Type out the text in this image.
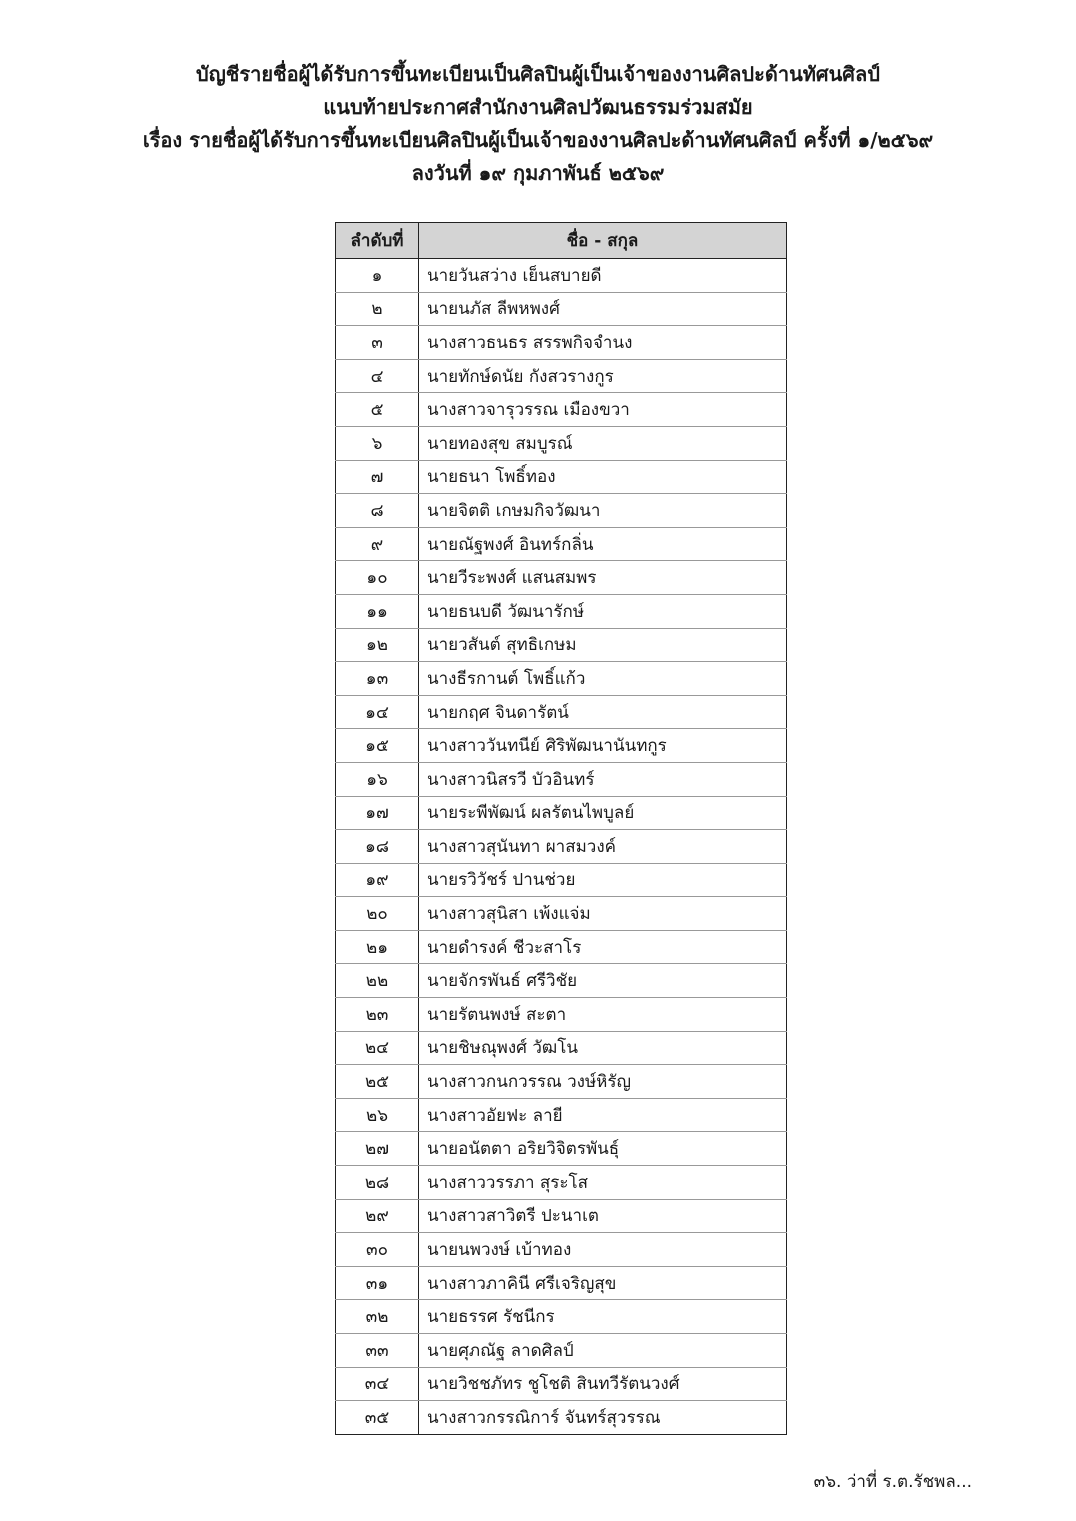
บัญชีรายชื่อผู้ได้รับการขึ้นทะเบียนเป็นศิลปินผู้เป็นเจ้าของงานศิลปะด้านทัศนศิลป์
แนบท้ายประกาศสำนักงานศิลปวัฒนธรรมร่วมสมัย
เรื่อง รายชื่อผู้ได้รับการขึ้นทะเบียนศิลปินผู้เป็นเจ้าของงานศิลปะด้านทัศนศิลป์ ครั้งที่ ๑/๒๕๖๙
ลงวันที่ ๑๙ กุมภาพันธ์ ๒๕๖๙
ลำดับที่	ชื่อ - สกุล
๑	นายวันสว่าง เย็นสบายดี
๒	นายนภัส ลีพหพงศ์
๓	นางสาวธนธร สรรพกิจจำนง
๔	นายทักษ์ดนัย กังสวรางกูร
๕	นางสาวจารุวรรณ เมืองขวา
๖	นายทองสุข สมบูรณ์
๗	นายธนา โพธิ์ทอง
๘	นายจิตติ เกษมกิจวัฒนา
๙	นายณัฐพงศ์ อินทร์กลิ่น
๑๐	นายวีระพงศ์ แสนสมพร
๑๑	นายธนบดี วัฒนารักษ์
๑๒	นายวสันต์ สุทธิเกษม
๑๓	นางธีรกานต์ โพธิ์แก้ว
๑๔	นายกฤศ จินดารัตน์
๑๕	นางสาววันทนีย์ ศิริพัฒนานันทกูร
๑๖	นางสาวนิสรวี บัวอินทร์
๑๗	นายระพีพัฒน์ ผลรัตนไพบูลย์
๑๘	นางสาวสุนันทา ผาสมวงค์
๑๙	นายรวิวัชร์ ปานช่วย
๒๐	นางสาวสุนิสา เพ้งแจ่ม
๒๑	นายดำรงค์ ชีวะสาโร
๒๒	นายจักรพันธ์ ศรีวิชัย
๒๓	นายรัตนพงษ์ สะตา
๒๔	นายชิษณุพงศ์ วัฒโน
๒๕	นางสาวกนกวรรณ วงษ์หิรัญ
๒๖	นางสาวอัยฟะ ลายี
๒๗	นายอนัตตา อริยวิจิตรพันธุ์
๒๘	นางสาววรรภา สุระโส
๒๙	นางสาวสาวิตรี ปะนาเต
๓๐	นายนพวงษ์ เบ้าทอง
๓๑	นางสาวภาคินี ศรีเจริญสุข
๓๒	นายธรรศ รัชนีกร
๓๓	นายศุภณัฐ ลาดศิลป์
๓๔	นายวิชชภัทร ชูโชติ สินทวีรัตนวงศ์
๓๕	นางสาวกรรณิการ์ จันทร์สุวรรณ
๓๖. ว่าที่ ร.ต.รัชพล...
